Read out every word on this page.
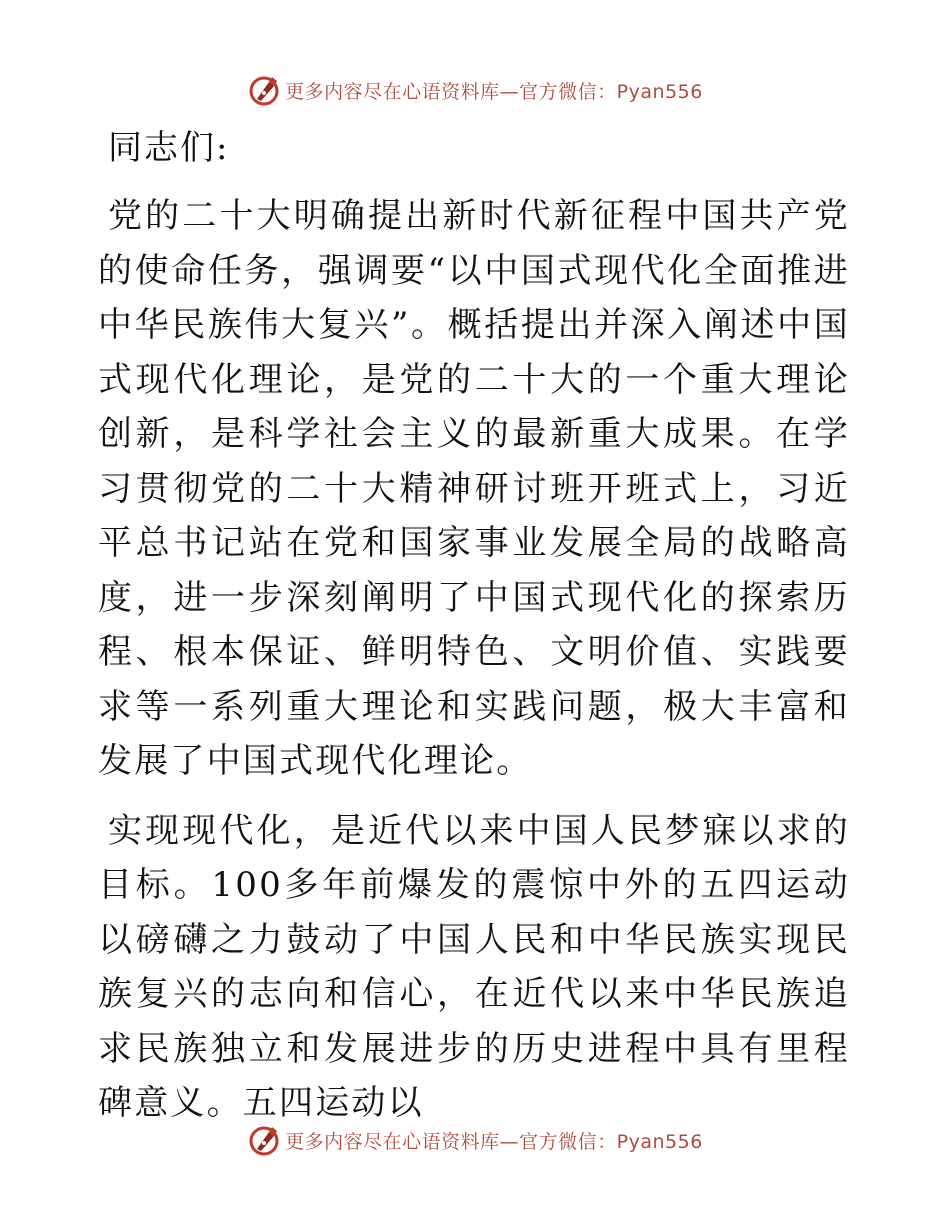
更多内容尽在心语资料库—官方微信：Pyan556

同志们:

党的二十大明确提出新时代新征程中国共产党的使命任务，强调要“以中国式现代化全面推进中华民族伟大复兴”。概括提出并深入阐述中国式现代化理论，是党的二十大的一个重大理论创新，是科学社会主义的最新重大成果。在学习贯彻党的二十大精神研讨班开班式上，习近平总书记站在党和国家事业发展全局的战略高度，进一步深刻阐明了中国式现代化的探索历程、根本保证、鲜明特色、文明价值、实践要求等一系列重大理论和实践问题，极大丰富和发展了中国式现代化理论。

实现现代化，是近代以来中国人民梦寐以求的目标。100多年前爆发的震惊中外的五四运动以磅礴之力鼓动了中国人民和中华民族实现民族复兴的志向和信心，在近代以来中华民族追求民族独立和发展进步的历史进程中具有里程碑意义。五四运动以

更多内容尽在心语资料库—官方微信：Pyan556
